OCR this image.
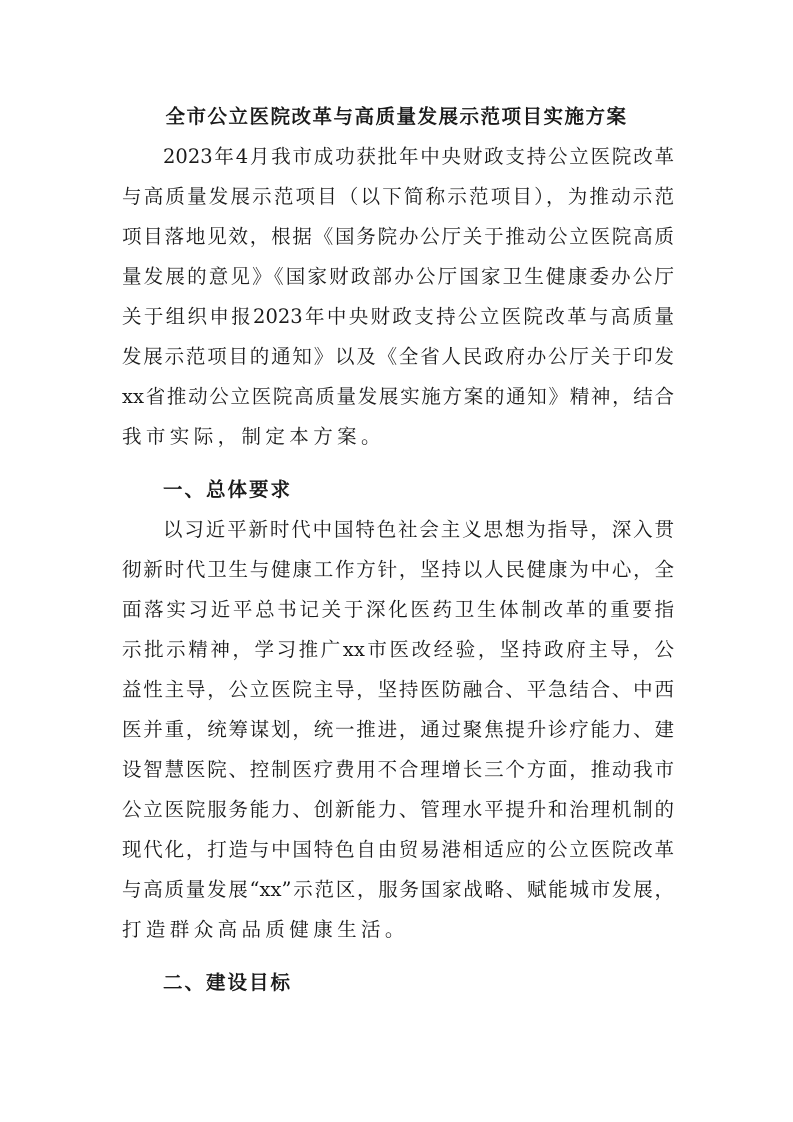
全市公立医院改革与高质量发展示范项目实施方案
2023年4月我市成功获批年中央财政支持公立医院改革
与高质量发展示范项目（以下简称示范项目），为推动示范
项目落地见效，根据《国务院办公厅关于推动公立医院高质
量发展的意见》《国家财政部办公厅国家卫生健康委办公厅
关于组织申报2023年中央财政支持公立医院改革与高质量
发展示范项目的通知》以及《全省人民政府办公厅关于印发
xx省推动公立医院高质量发展实施方案的通知》精神，结合
我市实际，制定本方案。
一、总体要求
以习近平新时代中国特色社会主义思想为指导，深入贯
彻新时代卫生与健康工作方针，坚持以人民健康为中心，全
面落实习近平总书记关于深化医药卫生体制改革的重要指
示批示精神，学习推广xx市医改经验，坚持政府主导，公
益性主导，公立医院主导，坚持医防融合、平急结合、中西
医并重，统筹谋划，统一推进，通过聚焦提升诊疗能力、建
设智慧医院、控制医疗费用不合理增长三个方面，推动我市
公立医院服务能力、创新能力、管理水平提升和治理机制的
现代化，打造与中国特色自由贸易港相适应的公立医院改革
与高质量发展“xx”示范区，服务国家战略、赋能城市发展，
打造群众高品质健康生活。
二、建设目标
